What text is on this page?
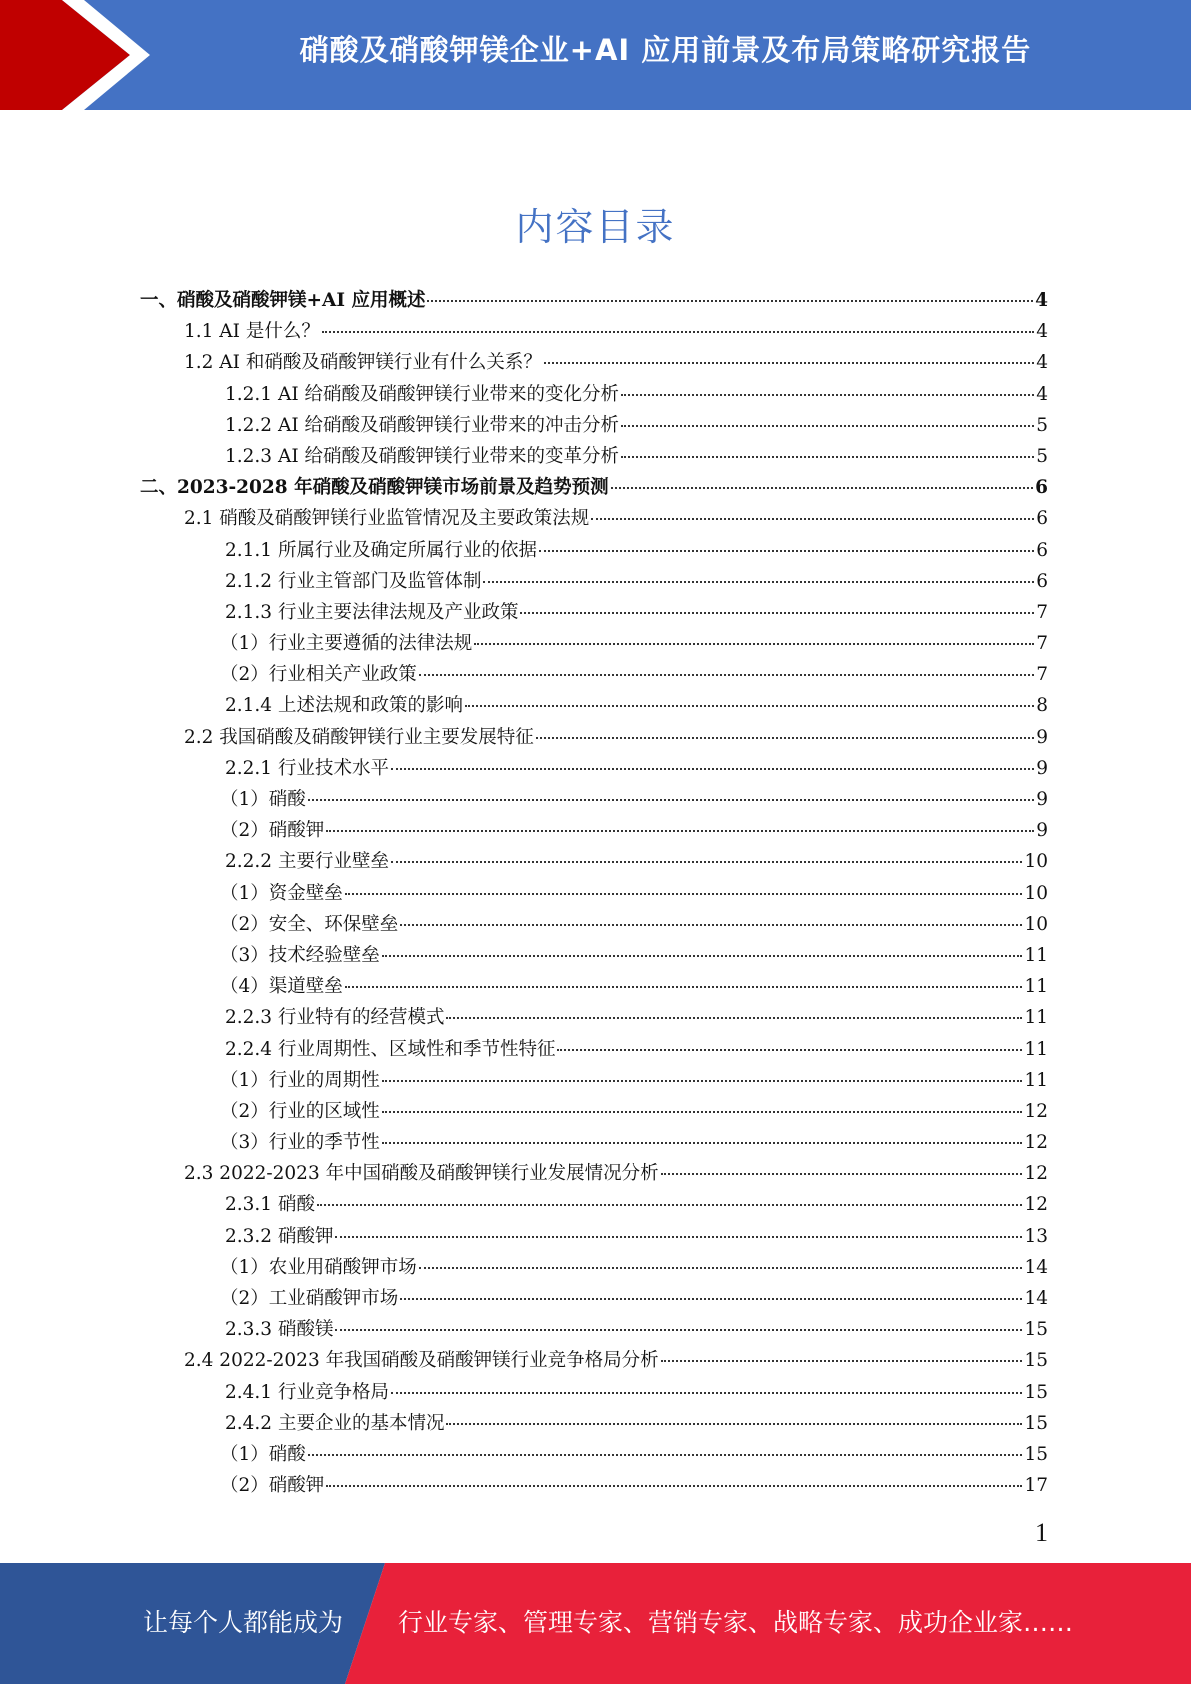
硝酸及硝酸钾镁企业+AI 应用前景及布局策略研究报告
内容目录
一、硝酸及硝酸钾镁+AI 应用概述	4
1.1 AI 是什么？	4
1.2 AI 和硝酸及硝酸钾镁行业有什么关系？	4
1.2.1 AI 给硝酸及硝酸钾镁行业带来的变化分析	4
1.2.2 AI 给硝酸及硝酸钾镁行业带来的冲击分析	5
1.2.3 AI 给硝酸及硝酸钾镁行业带来的变革分析	5
二、2023-2028 年硝酸及硝酸钾镁市场前景及趋势预测	6
2.1 硝酸及硝酸钾镁行业监管情况及主要政策法规	6
2.1.1 所属行业及确定所属行业的依据	6
2.1.2 行业主管部门及监管体制	6
2.1.3 行业主要法律法规及产业政策	7
（1）行业主要遵循的法律法规	7
（2）行业相关产业政策	7
2.1.4 上述法规和政策的影响	8
2.2 我国硝酸及硝酸钾镁行业主要发展特征	9
2.2.1 行业技术水平	9
（1）硝酸	9
（2）硝酸钾	9
2.2.2 主要行业壁垒	10
（1）资金壁垒	10
（2）安全、环保壁垒	10
（3）技术经验壁垒	11
（4）渠道壁垒	11
2.2.3 行业特有的经营模式	11
2.2.4 行业周期性、区域性和季节性特征	11
（1）行业的周期性	11
（2）行业的区域性	12
（3）行业的季节性	12
2.3 2022-2023 年中国硝酸及硝酸钾镁行业发展情况分析	12
2.3.1 硝酸	12
2.3.2 硝酸钾	13
（1）农业用硝酸钾市场	14
（2）工业硝酸钾市场	14
2.3.3 硝酸镁	15
2.4 2022-2023 年我国硝酸及硝酸钾镁行业竞争格局分析	15
2.4.1 行业竞争格局	15
2.4.2 主要企业的基本情况	15
（1）硝酸	15
（2）硝酸钾	17
1
让每个人都能成为 行业专家、管理专家、营销专家、战略专家、成功企业家……
